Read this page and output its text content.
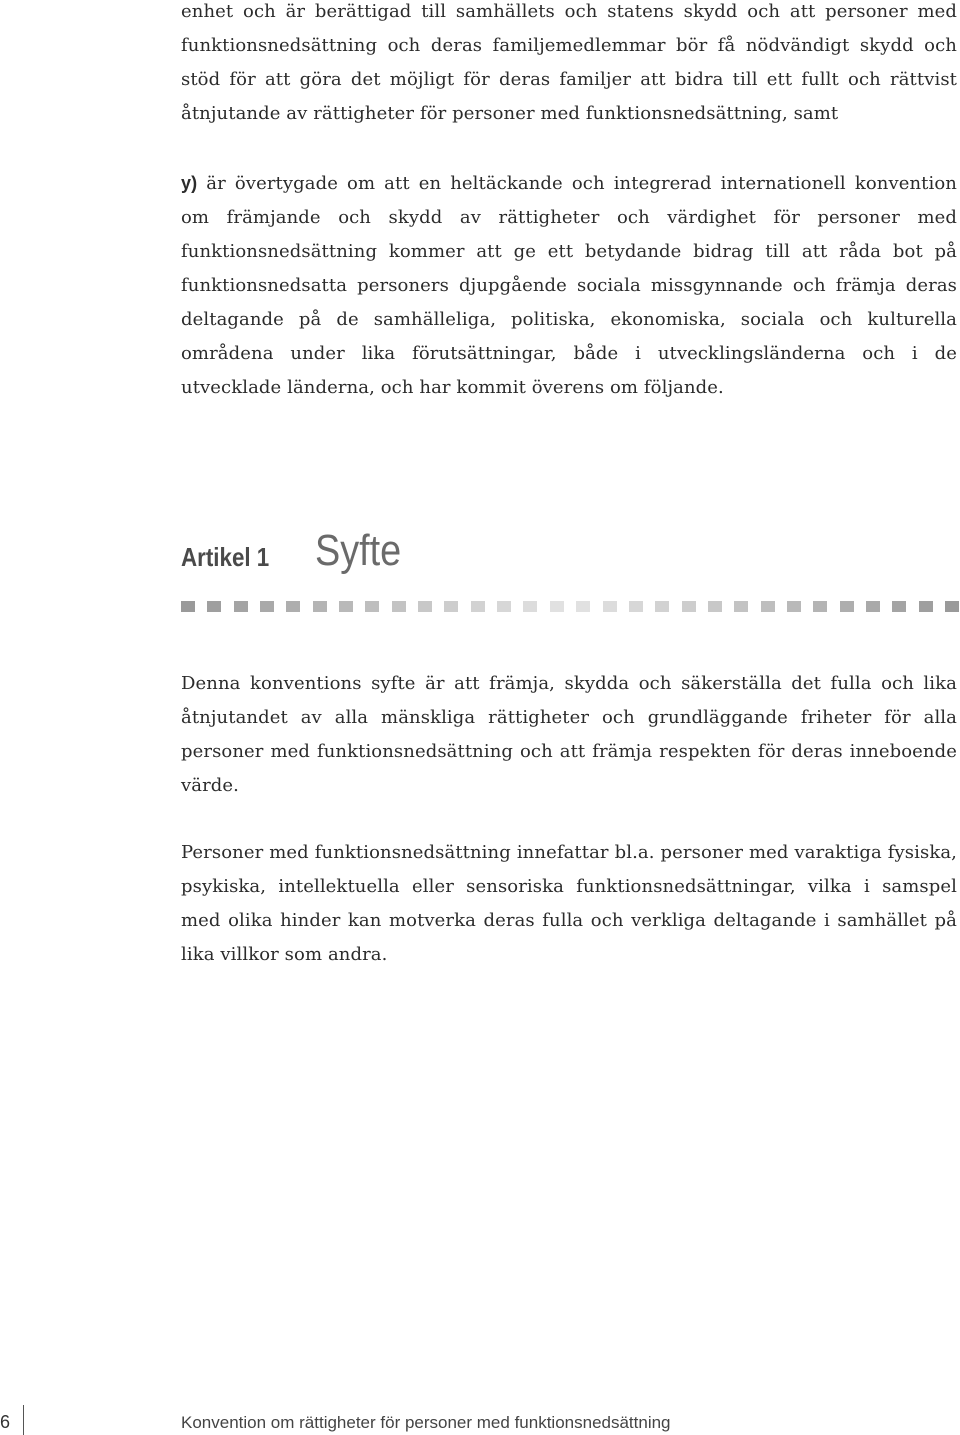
enhet och är berättigad till samhällets och statens skydd och att personer med funktionsnedsättning och deras familjemedlemmar bör få nödvändigt skydd och stöd för att göra det möjligt för deras familjer att bidra till ett fullt och rättvist åtnjutande av rättigheter för personer med funktionsnedsättning, samt

y) är övertygade om att en heltäckande och integrerad internationell konvention om främjande och skydd av rättigheter och värdighet för personer med funktionsnedsättning kommer att ge ett betydande bidrag till att råda bot på funktionsnedsatta personers djupgående sociala missgynnande och främja deras deltagande på de samhälleliga, politiska, ekonomiska, sociala och kulturella områdena under lika förutsättningar, både i utvecklingsländerna och i de utvecklade länderna, och har kommit överens om följande.

Artikel 1 Syfte

Denna konventions syfte är att främja, skydda och säkerställa det fulla och lika åtnjutandet av alla mänskliga rättigheter och grundläggande friheter för alla personer med funktionsnedsättning och att främja respekten för deras inneboende värde.

Personer med funktionsnedsättning innefattar bl.a. personer med varaktiga fysiska, psykiska, intellektuella eller sensoriska funktionsnedsättningar, vilka i samspel med olika hinder kan motverka deras fulla och verkliga deltagande i samhället på lika villkor som andra.

6	Konvention om rättigheter för personer med funktionsnedsättning
